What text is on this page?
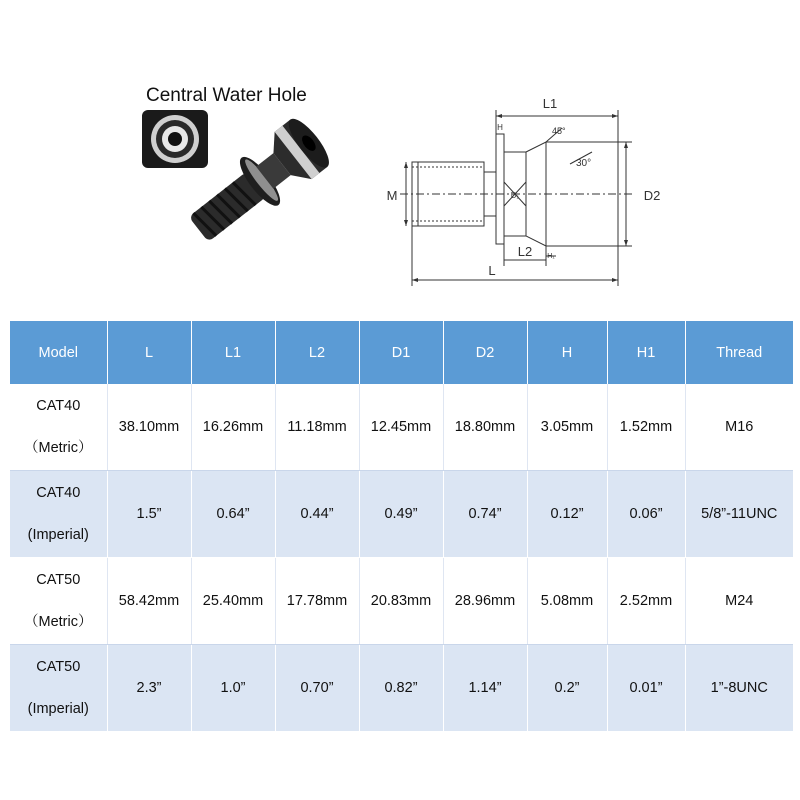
Central Water Hole	L1
H	45°
30°
M	D₁	D2
L2 H₁
L
Model	L	L1	L2	D1	D2	H	H1	Thread

CAT40
（Metric）	38.10mm	16.26mm	11.18mm	12.45mm	18.80mm	3.05mm	1.52mm	M16

CAT40
(Imperial)	1.5”	0.64”	0.44”	0.49”	0.74”	0.12”	0.06”	5/8”-11UNC

CAT50
（Metric）	58.42mm	25.40mm	17.78mm	20.83mm	28.96mm	5.08mm	2.52mm	M24

CAT50
(Imperial)	2.3”	1.0”	0.70”	0.82”	1.14”	0.2”	0.01”	1”-8UNC
